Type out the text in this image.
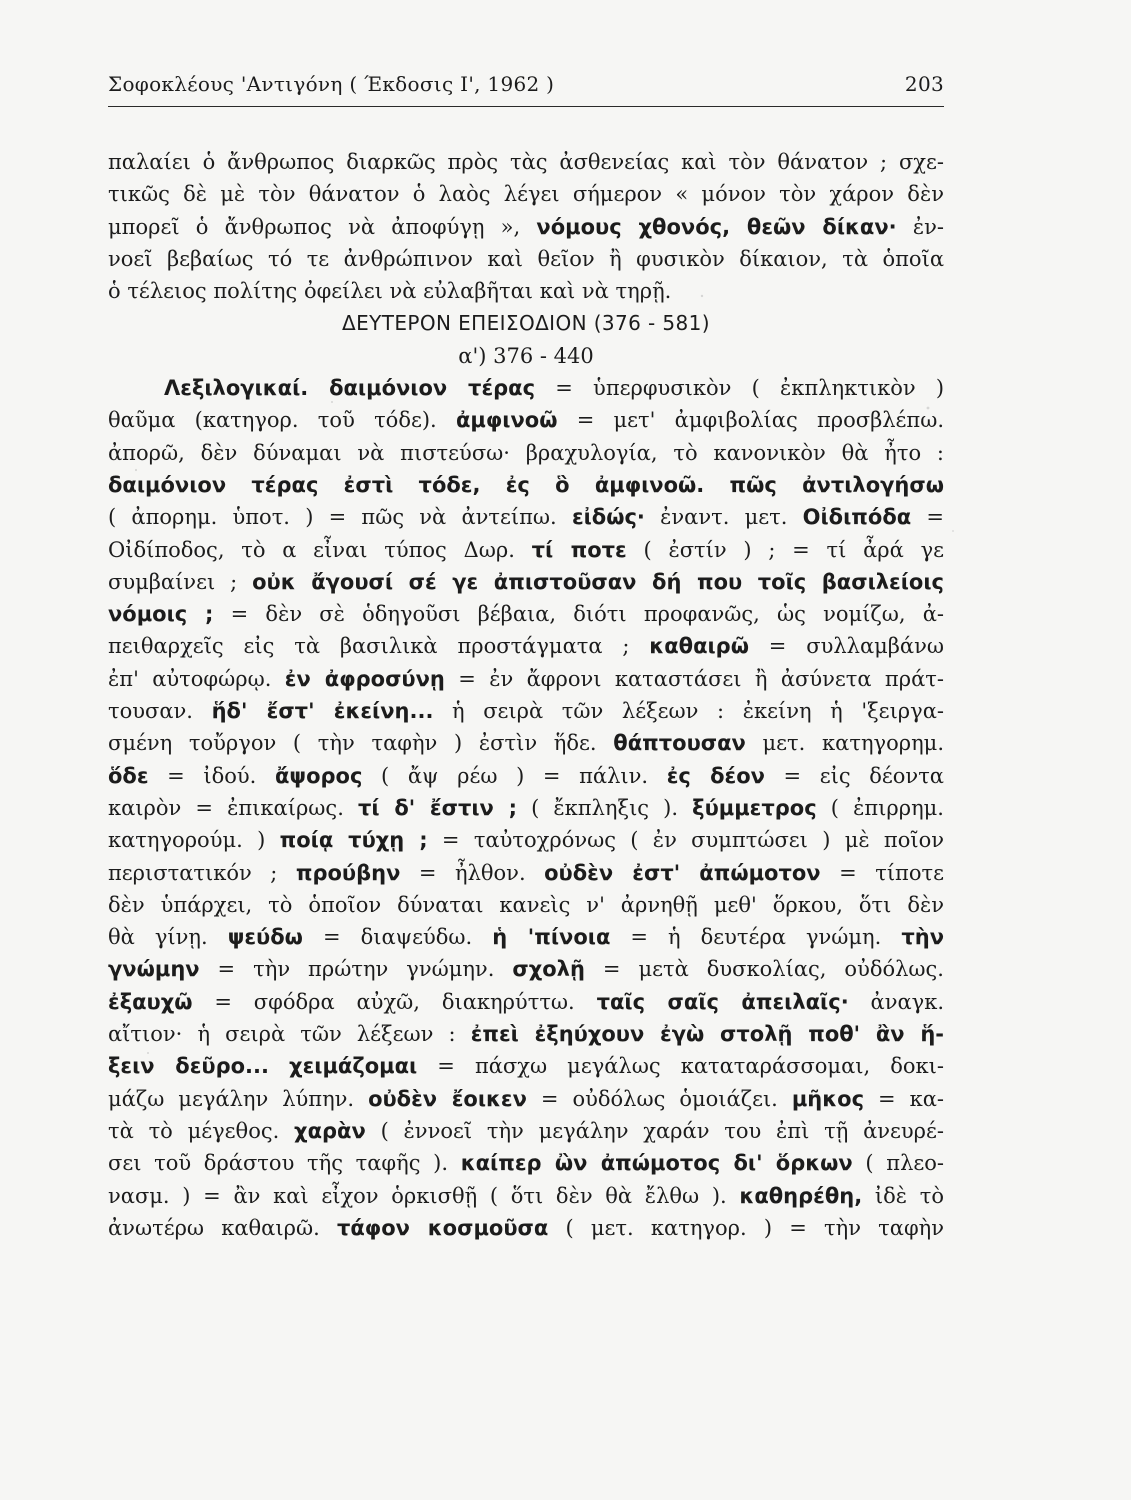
Σοφοκλέους 'Αντιγόνη ( Έκδοσις Ι', 1962 )	203
παλαίει ὁ ἄνθρωπος διαρκῶς πρὸς τὰς ἀσθενείας καὶ τὸν θάνατον ; σχε-
τικῶς δὲ μὲ τὸν θάνατον ὁ λαὸς λέγει σήμερον « μόνον τὸν χάρον δὲν
μπορεῖ ὁ ἄνθρωπος νὰ ἀποφύγῃ », νόμους χθονός, θεῶν δίκαν· ἐν-
νοεῖ βεβαίως τό τε ἀνθρώπινον καὶ θεῖον ἢ φυσικὸν δίκαιον, τὰ ὁποῖα
ὁ τέλειος πολίτης ὀφείλει νὰ εὐλαβῆται καὶ νὰ τηρῇ.
ΔΕΥΤΕΡΟΝ ΕΠΕΙΣΟΔΙΟΝ (376 - 581)
α') 376 - 440
Λεξιλογικαί. δαιμόνιον τέρας = ὑπερφυσικὸν ( ἐκπληκτικὸν )
θαῦμα (κατηγορ. τοῦ τόδε). ἀμφινοῶ = μετ' ἀμφιβολίας προσβλέπω.
ἀπορῶ, δὲν δύναμαι νὰ πιστεύσω· βραχυλογία, τὸ κανονικὸν θὰ ἦτο :
δαιμόνιον τέρας ἐστὶ τόδε, ἐς ὃ ἀμφινοῶ. πῶς ἀντιλογήσω
( ἀπορημ. ὑποτ. ) = πῶς νὰ ἀντείπω. εἰδώς· ἐναντ. μετ. Οἰδιπόδα =
Οἰδίποδος, τὸ α εἶναι τύπος Δωρ. τί ποτε ( ἐστίν ) ; = τί ἆρά γε
συμβαίνει ; οὐκ ἄγουσί σέ γε ἀπιστοῦσαν δή που τοῖς βασιλείοις
νόμοις ; = δὲν σὲ ὁδηγοῦσι βέβαια, διότι προφανῶς, ὡς νομίζω, ἀ-
πειθαρχεῖς εἰς τὰ βασιλικὰ προστάγματα ; καθαιρῶ = συλλαμβάνω
ἐπ' αὐτοφώρῳ. ἐν ἀφροσύνῃ = ἐν ἄφρονι καταστάσει ἢ ἀσύνετα πράτ-
τουσαν. ἥδ' ἔστ' ἐκείνη... ἡ σειρὰ τῶν λέξεων : ἐκείνη ἡ 'ξειργα-
σμένη τοὔργον ( τὴν ταφὴν ) ἐστὶν ἥδε. θάπτουσαν μετ. κατηγορημ.
ὅδε = ἰδού. ἄψορος ( ἄψ ρέω ) = πάλιν. ἐς δέον = εἰς δέοντα
καιρὸν = ἐπικαίρως. τί δ' ἔστιν ; ( ἔκπληξις ). ξύμμετρος ( ἐπιρρημ.
κατηγορούμ. ) ποίᾳ τύχῃ ; = ταὐτοχρόνως ( ἐν συμπτώσει ) μὲ ποῖον
περιστατικόν ; προύβην = ἦλθον. οὐδὲν ἐστ' ἀπώμοτον = τίποτε
δὲν ὑπάρχει, τὸ ὁποῖον δύναται κανεὶς ν' ἀρνηθῇ μεθ' ὅρκου, ὅτι δὲν
θὰ γίνῃ. ψεύδω = διαψεύδω. ἡ 'πίνοια = ἡ δευτέρα γνώμη. τὴν
γνώμην = τὴν πρώτην γνώμην. σχολῇ = μετὰ δυσκολίας, οὐδόλως.
ἐξαυχῶ = σφόδρα αὐχῶ, διακηρύττω. ταῖς σαῖς ἀπειλαῖς· ἀναγκ.
αἴτιον· ἡ σειρὰ τῶν λέξεων : ἐπεὶ ἐξηύχουν ἐγὼ στολῇ ποθ' ἂν ἥ-
ξειν δεῦρο... χειμάζομαι = πάσχω μεγάλως καταταράσσομαι, δοκι-
μάζω μεγάλην λύπην. οὐδὲν ἔοικεν = οὐδόλως ὁμοιάζει. μῆκος = κα-
τὰ τὸ μέγεθος. χαρὰν ( ἐννοεῖ τὴν μεγάλην χαράν του ἐπὶ τῇ ἀνευρέ-
σει τοῦ δράστου τῆς ταφῆς ). καίπερ ὢν ἀπώμοτος δι' ὅρκων ( πλεο-
νασμ. ) = ἂν καὶ εἶχον ὁρκισθῇ ( ὅτι δὲν θὰ ἔλθω ). καθηρέθη, ἰδὲ τὸ
ἀνωτέρω καθαιρῶ. τάφον κοσμοῦσα ( μετ. κατηγορ. ) = τὴν ταφὴν
